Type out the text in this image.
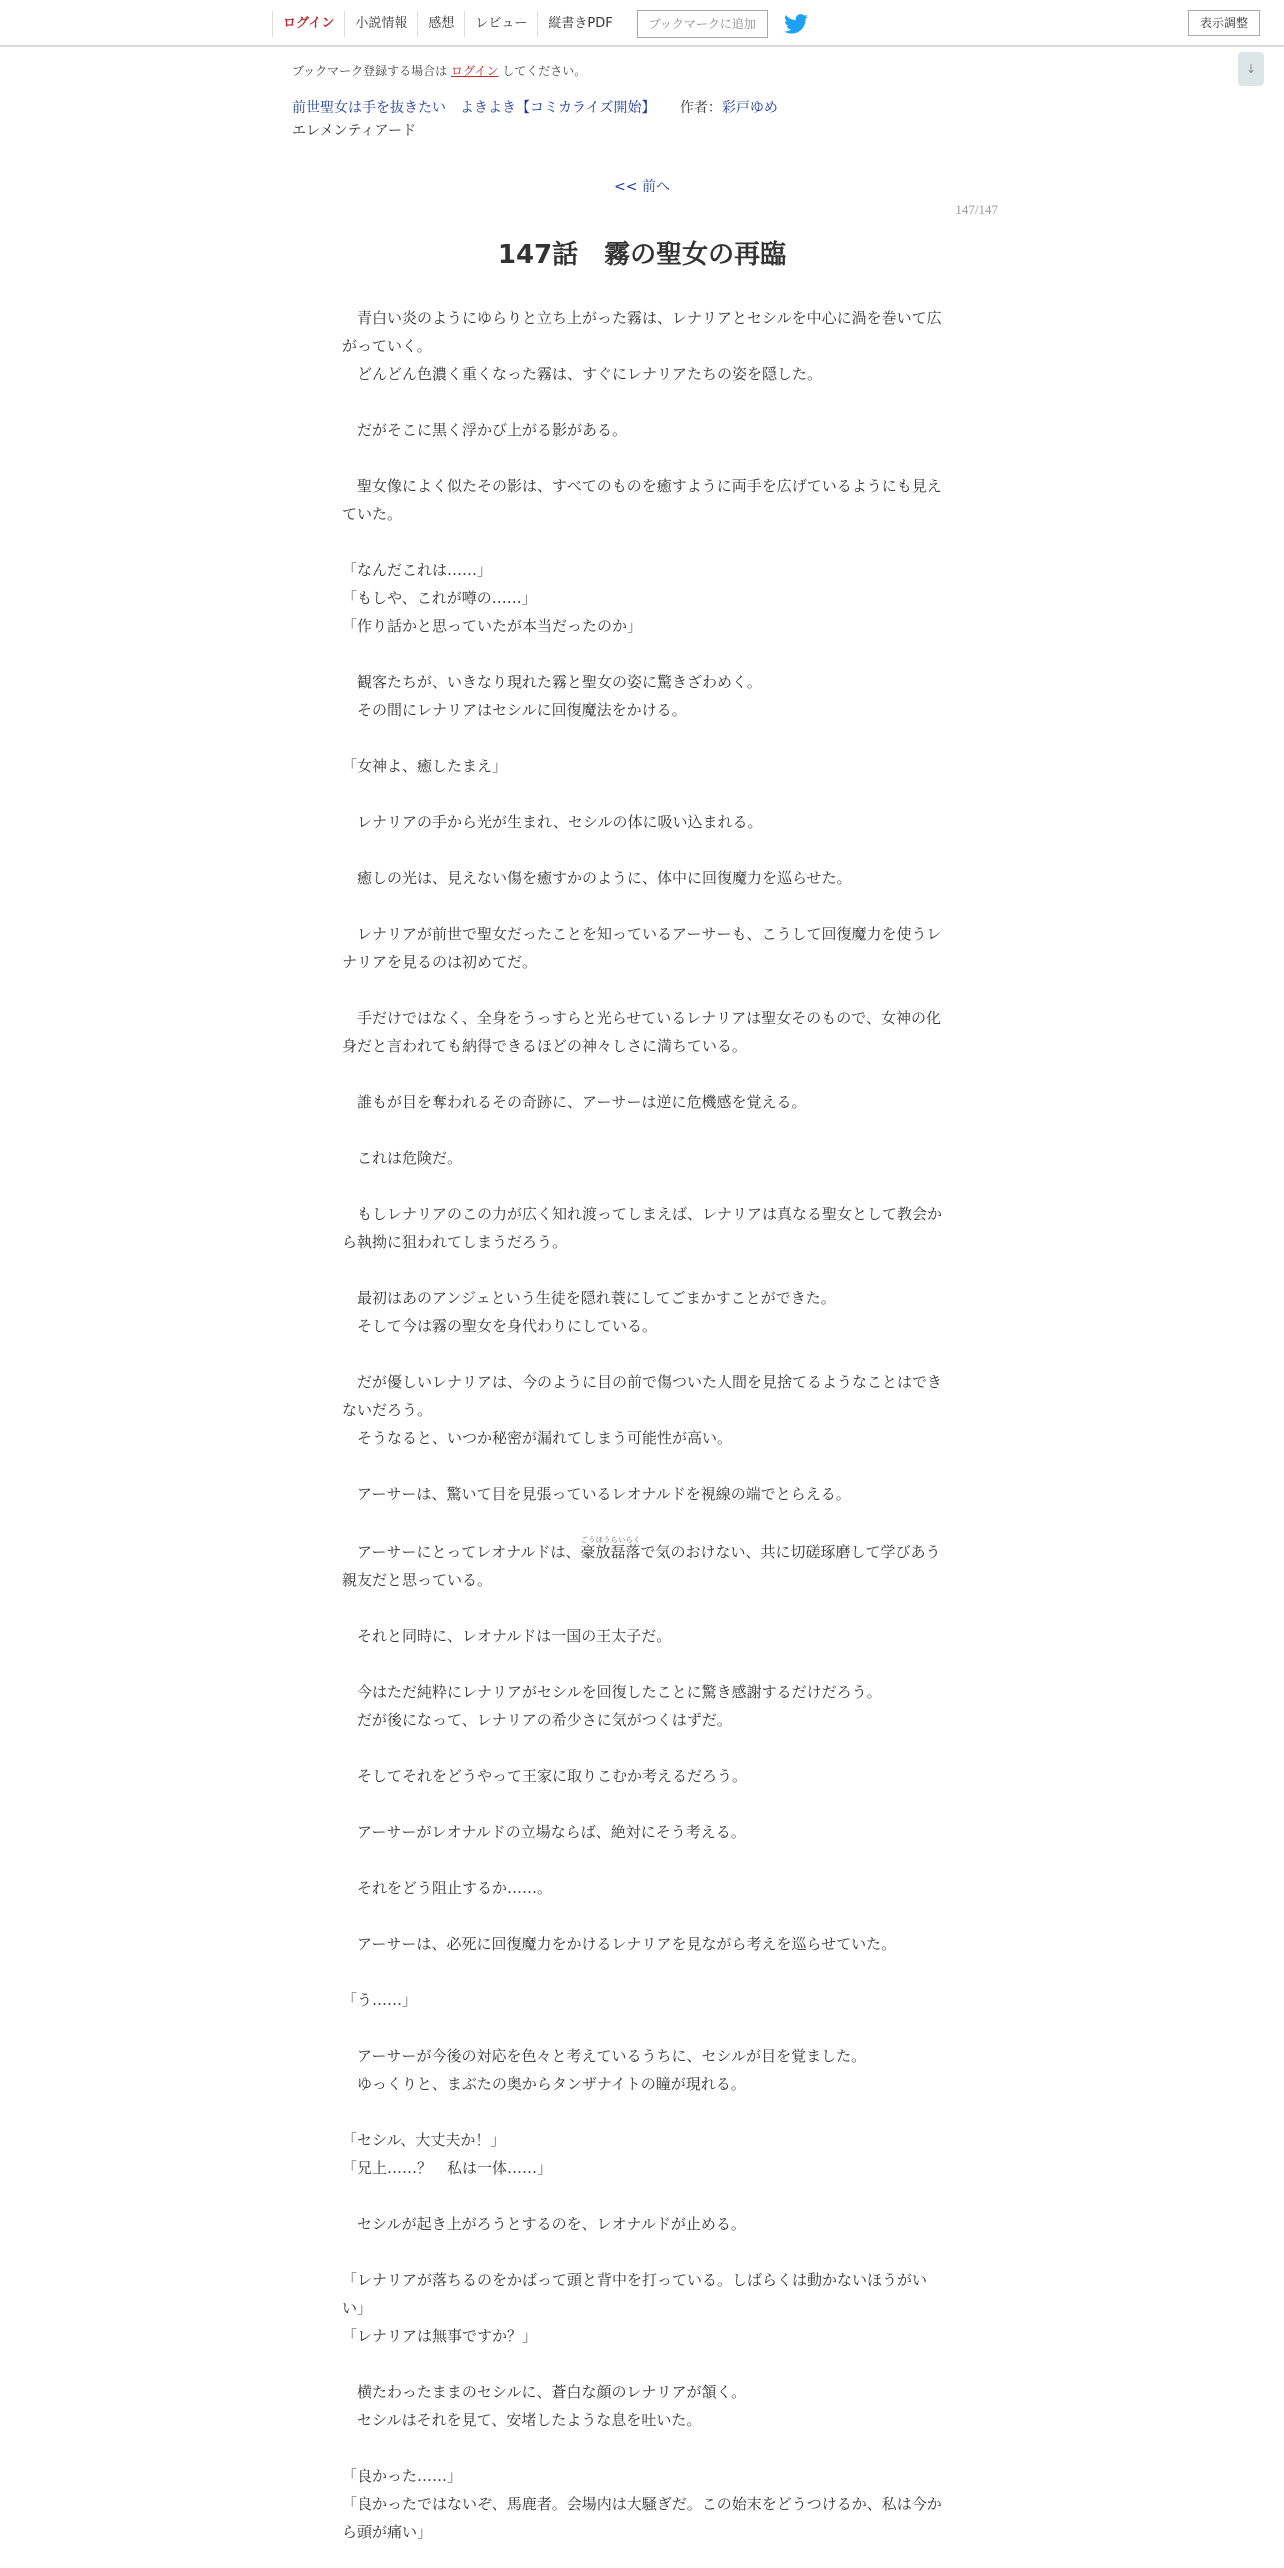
ログイン	小説情報	感想	レビュー	縦書きPDF	ブックマークに追加	表示調整
↓
ブックマーク登録する場合は ログイン してください。
前世聖女は手を抜きたい　よきよき【コミカライズ開始】 作者：彩戸ゆめ
エレメンティアード
<< 前へ
147/147
147話　霧の聖女の再臨

　青白い炎のようにゆらりと立ち上がった霧は、レナリアとセシルを中心に渦を巻いて広がっていく。

　どんどん色濃く重くなった霧は、すぐにレナリアたちの姿を隠した。

　だがそこに黒く浮かび上がる影がある。

　聖女像によく似たその影は、すべてのものを癒すように両手を広げているようにも見えていた。

「なんだこれは……」

「もしや、これが噂の……」

「作り話かと思っていたが本当だったのか」

　観客たちが、いきなり現れた霧と聖女の姿に驚きざわめく。

　その間にレナリアはセシルに回復魔法をかける。

「女神よ、癒したまえ」

　レナリアの手から光が生まれ、セシルの体に吸い込まれる。

　癒しの光は、見えない傷を癒すかのように、体中に回復魔力を巡らせた。

　レナリアが前世で聖女だったことを知っているアーサーも、こうして回復魔力を使うレナリアを見るのは初めてだ。

　手だけではなく、全身をうっすらと光らせているレナリアは聖女そのもので、女神の化身だと言われても納得できるほどの神々しさに満ちている。

　誰もが目を奪われるその奇跡に、アーサーは逆に危機感を覚える。

　これは危険だ。

　もしレナリアのこの力が広く知れ渡ってしまえば、レナリアは真なる聖女として教会から執拗に狙われてしまうだろう。

　最初はあのアンジェという生徒を隠れ蓑にしてごまかすことができた。

　そして今は霧の聖女を身代わりにしている。

　だが優しいレナリアは、今のように目の前で傷ついた人間を見捨てるようなことはできないだろう。

　そうなると、いつか秘密が漏れてしまう可能性が高い。

　アーサーは、驚いて目を見張っているレオナルドを視線の端でとらえる。

　アーサーにとってレオナルドは、豪放磊落ごうほうらいらくで気のおけない、共に切磋琢磨して学びあう親友だと思っている。

　それと同時に、レオナルドは一国の王太子だ。

　今はただ純粋にレナリアがセシルを回復したことに驚き感謝するだけだろう。

　だが後になって、レナリアの希少さに気がつくはずだ。

　そしてそれをどうやって王家に取りこむか考えるだろう。

　アーサーがレオナルドの立場ならば、絶対にそう考える。

　それをどう阻止するか……。

　アーサーは、必死に回復魔力をかけるレナリアを見ながら考えを巡らせていた。

「う……」

　アーサーが今後の対応を色々と考えているうちに、セシルが目を覚ました。

　ゆっくりと、まぶたの奥からタンザナイトの瞳が現れる。

「セシル、大丈夫か！」

「兄上……？　私は一体……」

　セシルが起き上がろうとするのを、レオナルドが止める。

「レナリアが落ちるのをかばって頭と背中を打っている。しばらくは動かないほうがいい」

「レナリアは無事ですか？」

　横たわったままのセシルに、蒼白な顔のレナリアが頷く。

　セシルはそれを見て、安堵したような息を吐いた。

「良かった……」

「良かったではないぞ、馬鹿者。会場内は大騒ぎだ。この始末をどうつけるか、私は今から頭が痛い」
